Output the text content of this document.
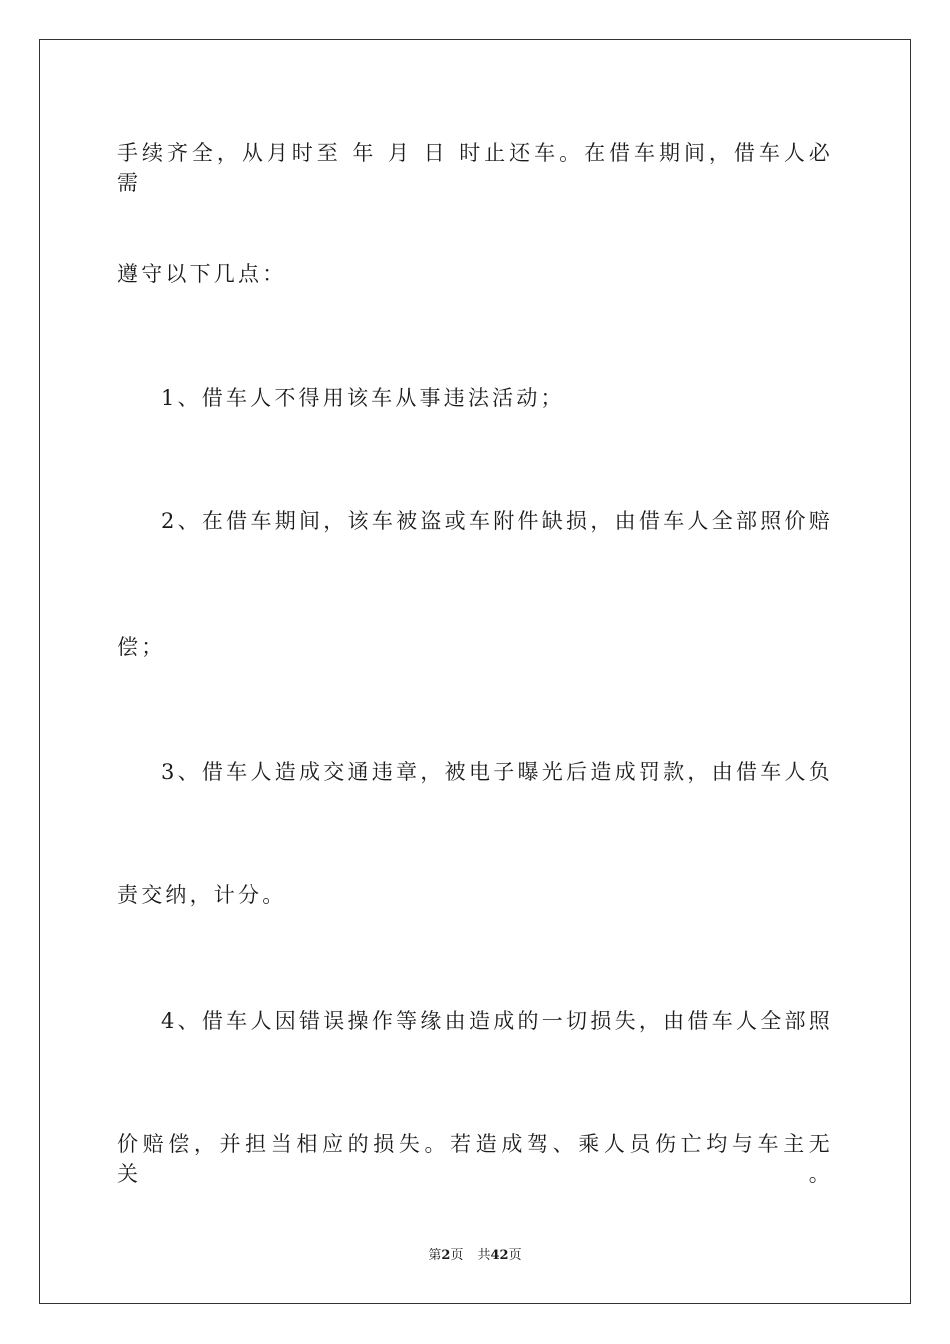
手续齐全，从月时至 年 月 日 时止还车。在借车期间，借车人必需

遵守以下几点：

1、借车人不得用该车从事违法活动；

2、在借车期间，该车被盗或车附件缺损，由借车人全部照价赔

偿；

3、借车人造成交通违章，被电子曝光后造成罚款，由借车人负

责交纳，计分。

4、借车人因错误操作等缘由造成的一切损失，由借车人全部照

价赔偿，并担当相应的损失。若造成驾、乘人员伤亡均与车主无关。

第2页 共42页
